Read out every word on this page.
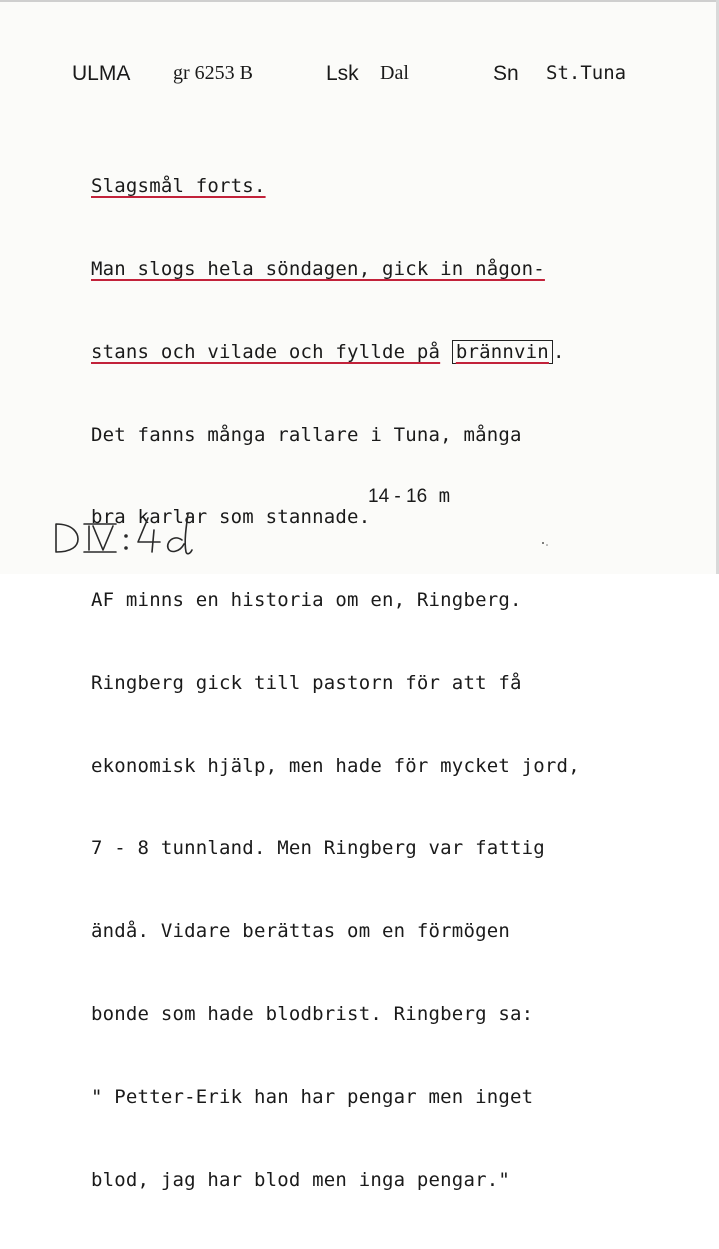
ULMA gr 6253 B	Lsk Dal	Sn St.Tuna

Slagsmål forts.

Man slogs hela söndagen, gick in någon-

stans och vilade och fyllde på brännvin .

Det fanns många rallare i Tuna, många

bra karlar som stannade.

AF minns en historia om en, Ringberg.

Ringberg gick till pastorn för att få

ekonomisk hjälp, men hade för mycket jord,

7 - 8 tunnland. Men Ringberg var fattig

ändå. Vidare berättas om en förmögen

bonde som hade blodbrist. Ringberg sa:

" Petter-Erik han har pengar men inget

blod, jag har blod men inga pengar."

14 - 16 m
